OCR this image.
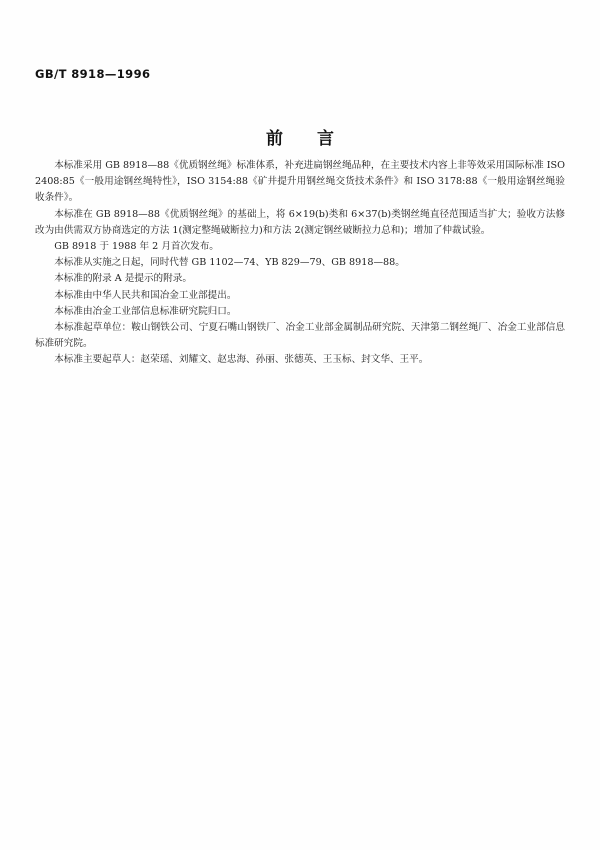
GB/T 8918—1996
前言

本标准采用 GB 8918—88《优质钢丝绳》标准体系，补充进扁钢丝绳品种，在主要技术内容上非等效采用国际标准 ISO 2408:85《一般用途钢丝绳特性》，ISO 3154:88《矿井提升用钢丝绳交货技术条件》和 ISO 3178:88《一般用途钢丝绳验收条件》。

本标准在 GB 8918—88《优质钢丝绳》的基础上，将 6×19(b)类和 6×37(b)类钢丝绳直径范围适当扩大；验收方法修改为由供需双方协商选定的方法 1(测定整绳破断拉力)和方法 2(测定钢丝破断拉力总和)；增加了仲裁试验。

GB 8918 于 1988 年 2 月首次发布。

本标准从实施之日起，同时代替 GB 1102—74、YB 829—79、GB 8918—88。

本标准的附录 A 是提示的附录。

本标准由中华人民共和国冶金工业部提出。

本标准由冶金工业部信息标准研究院归口。

本标准起草单位：鞍山钢铁公司、宁夏石嘴山钢铁厂、冶金工业部金属制品研究院、天津第二钢丝绳厂、冶金工业部信息标准研究院。

本标准主要起草人：赵荣瑶、刘耀文、赵忠海、孙丽、张德英、王玉标、封文华、王平。
